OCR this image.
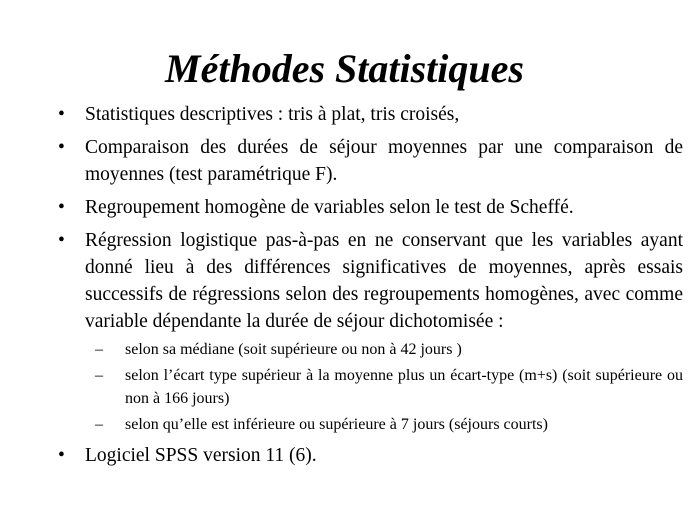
Méthodes Statistiques
•	Statistiques descriptives : tris à plat, tris croisés,
•	Comparaison des durées de séjour moyennes par une comparaison de moyennes (test paramétrique F).
•	Regroupement homogène de variables selon le test de Scheffé.
•	Régression logistique pas-à-pas en ne conservant que les variables ayant donné lieu à des différences significatives de moyennes, après essais successifs de régressions selon des regroupements homogènes, avec comme variable dépendante la durée de séjour dichotomisée :
– selon sa médiane (soit supérieure ou non à 42 jours )
– selon l’écart type supérieur à la moyenne plus un écart-type (m+s) (soit supérieure ou non à 166 jours)
– selon qu’elle est inférieure ou supérieure à 7 jours (séjours courts)
•	Logiciel SPSS version 11 (6).
